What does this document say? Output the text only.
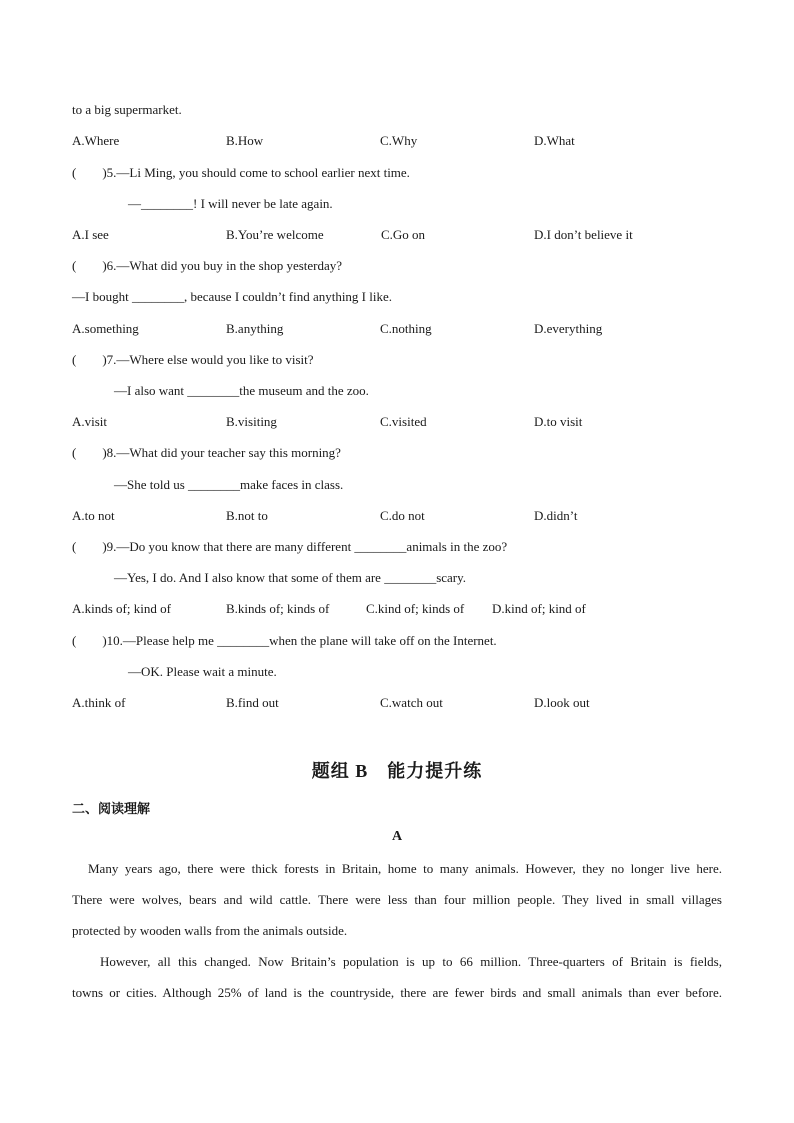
to a big supermarket.
A.Where	B.How	C.Why	D.What
(　　)5.—Li Ming, you should come to school earlier next time.
—________! I will never be late again.
A.I see	B.You’re welcome	C.Go on	D.I don’t believe it
(　　)6.—What did you buy in the shop yesterday?
—I bought ________, because I couldn’t find anything I like.
A.something	B.anything	C.nothing	D.everything
(　　)7.—Where else would you like to visit?
—I also want ________the museum and the zoo.
A.visit	B.visiting	C.visited	D.to visit
(　　)8.—What did your teacher say this morning?
—She told us ________make faces in class.
A.to not	B.not to	C.do not	D.didn’t
(　　)9.—Do you know that there are many different ________animals in the zoo?
—Yes, I do. And I also know that some of them are ________scary.
A.kinds of; kind of	B.kinds of; kinds of	C.kind of; kinds of D.kind of; kind of
(　　)10.—Please help me ________when the plane will take off on the Internet.
—OK. Please wait a minute.
A.think of	B.find out	C.watch out	D.look out
题组 B　能力提升练
二、阅读理解
A
Many years ago, there were thick forests in Britain, home to many animals. However, they no longer live here.
There were wolves, bears and wild cattle. There were less than four million people. They lived in small villages
protected by wooden walls from the animals outside.
However, all this changed. Now Britain’s population is up to 66 million. Three-quarters of Britain is fields,
towns or cities. Although 25% of land is the countryside, there are fewer birds and small animals than ever before.
